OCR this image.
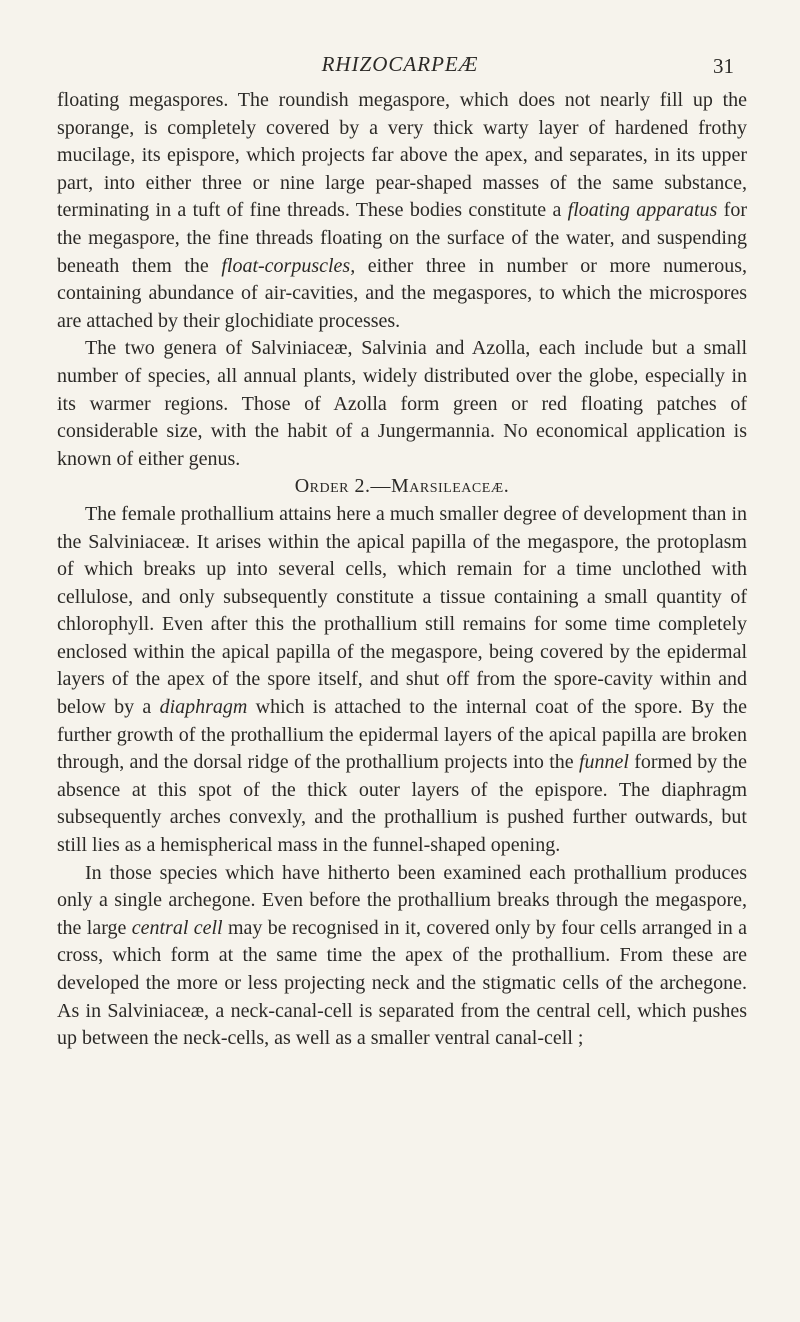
RHIZOCARPEÆ	31

floating megaspores. The roundish megaspore, which does not nearly fill up the sporange, is completely covered by a very thick warty layer of hardened frothy mucilage, its epispore, which projects far above the apex, and separates, in its upper part, into either three or nine large pear-shaped masses of the same substance, terminating in a tuft of fine threads. These bodies constitute a floating apparatus for the megaspore, the fine threads floating on the surface of the water, and suspending beneath them the float-corpuscles, either three in number or more numerous, containing abundance of air-cavities, and the megaspores, to which the microspores are attached by their glochidiate processes.

The two genera of Salviniaceæ, Salvinia and Azolla, each include but a small number of species, all annual plants, widely distributed over the globe, especially in its warmer regions. Those of Azolla form green or red floating patches of considerable size, with the habit of a Jungermannia. No economical application is known of either genus.

Order 2.—Marsileaceæ.

The female prothallium attains here a much smaller degree of development than in the Salviniaceæ. It arises within the apical papilla of the megaspore, the protoplasm of which breaks up into several cells, which remain for a time unclothed with cellulose, and only subsequently constitute a tissue containing a small quantity of chlorophyll. Even after this the prothallium still remains for some time completely enclosed within the apical papilla of the megaspore, being covered by the epidermal layers of the apex of the spore itself, and shut off from the spore-cavity within and below by a diaphragm which is attached to the internal coat of the spore. By the further growth of the prothallium the epidermal layers of the apical papilla are broken through, and the dorsal ridge of the prothallium projects into the funnel formed by the absence at this spot of the thick outer layers of the epispore. The diaphragm subsequently arches convexly, and the prothallium is pushed further outwards, but still lies as a hemispherical mass in the funnel-shaped opening.

In those species which have hitherto been examined each prothallium produces only a single archegone. Even before the prothallium breaks through the megaspore, the large central cell may be recognised in it, covered only by four cells arranged in a cross, which form at the same time the apex of the prothallium. From these are developed the more or less projecting neck and the stigmatic cells of the archegone. As in Salviniaceæ, a neck-canal-cell is separated from the central cell, which pushes up between the neck-cells, as well as a smaller ventral canal-cell ;
